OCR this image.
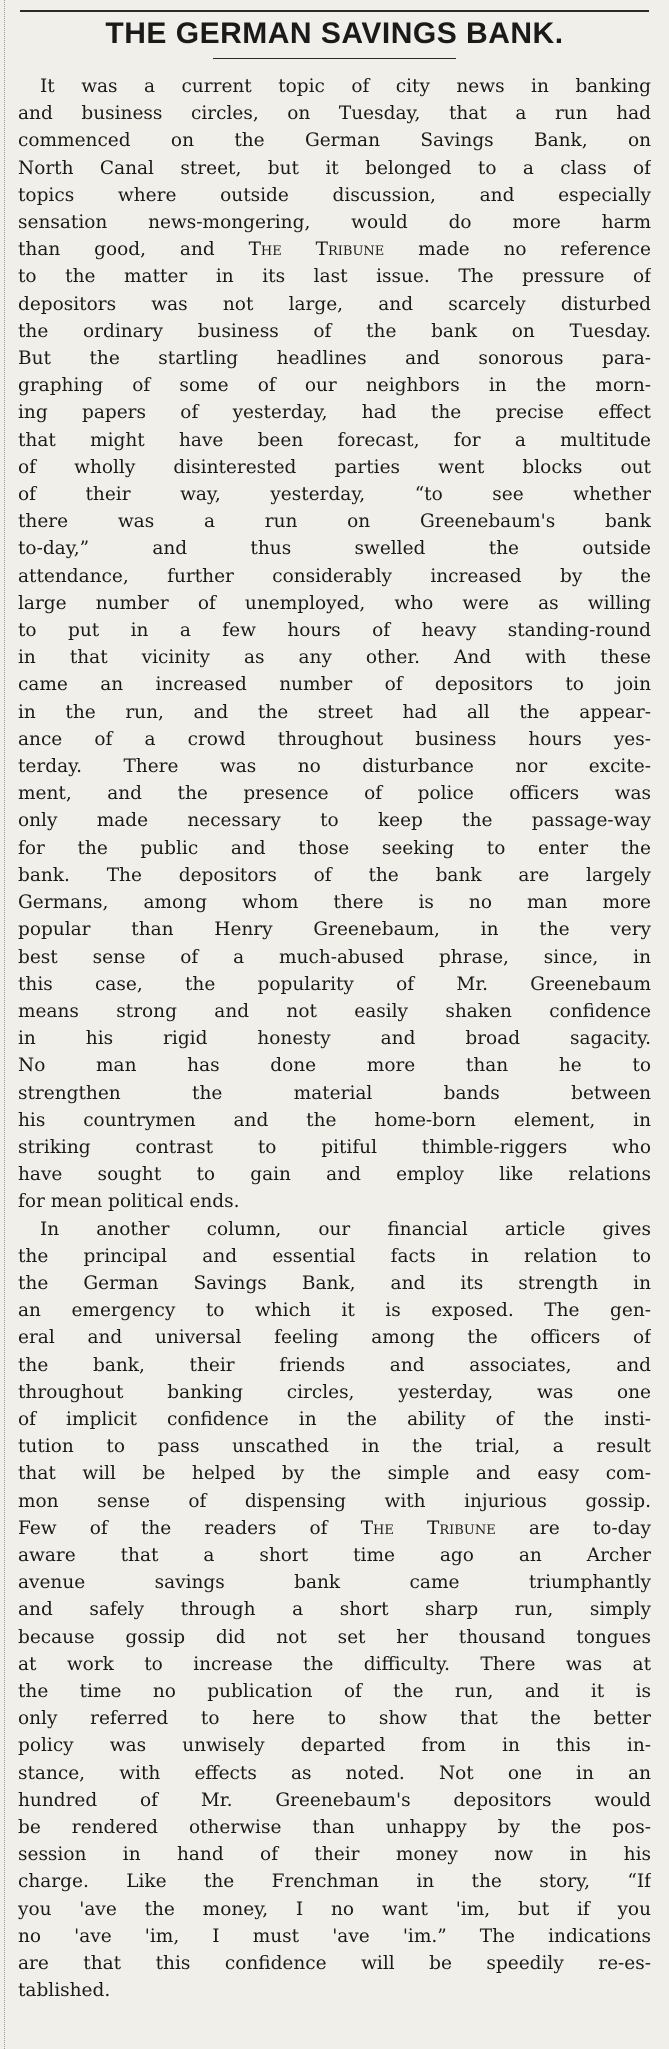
THE GERMAN SAVINGS BANK.
It was a current topic of city news in banking
and business circles, on Tuesday, that a run had
commenced on the German Savings Bank, on
North Canal street, but it belonged to a class of
topics where outside discussion, and especially
sensation news-mongering, would do more harm
than good, and The Tribune made no reference
to the matter in its last issue. The pressure of
depositors was not large, and scarcely disturbed
the ordinary business of the bank on Tuesday.
But the startling headlines and sonorous para-
graphing of some of our neighbors in the morn-
ing papers of yesterday, had the precise effect
that might have been forecast, for a multitude
of wholly disinterested parties went blocks out
of their way, yesterday, “to see whether
there was a run on Greenebaum's bank
to-day,” and thus swelled the outside
attendance, further considerably increased by the
large number of unemployed, who were as willing
to put in a few hours of heavy standing-round
in that vicinity as any other. And with these
came an increased number of depositors to join
in the run, and the street had all the appear-
ance of a crowd throughout business hours yes-
terday. There was no disturbance nor excite-
ment, and the presence of police officers was
only made necessary to keep the passage-way
for the public and those seeking to enter the
bank. The depositors of the bank are largely
Germans, among whom there is no man more
popular than Henry Greenebaum, in the very
best sense of a much-abused phrase, since, in
this case, the popularity of Mr. Greenebaum
means strong and not easily shaken confidence
in his rigid honesty and broad sagacity.
No man has done more than he to
strengthen the material bands between
his countrymen and the home-born element, in
striking contrast to pitiful thimble-riggers who
have sought to gain and employ like relations
for mean political ends.
In another column, our financial article gives
the principal and essential facts in relation to
the German Savings Bank, and its strength in
an emergency to which it is exposed. The gen-
eral and universal feeling among the officers of
the bank, their friends and associates, and
throughout banking circles, yesterday, was one
of implicit confidence in the ability of the insti-
tution to pass unscathed in the trial, a result
that will be helped by the simple and easy com-
mon sense of dispensing with injurious gossip.
Few of the readers of The Tribune are to-day
aware that a short time ago an Archer
avenue savings bank came triumphantly
and safely through a short sharp run, simply
because gossip did not set her thousand tongues
at work to increase the difficulty. There was at
the time no publication of the run, and it is
only referred to here to show that the better
policy was unwisely departed from in this in-
stance, with effects as noted. Not one in an
hundred of Mr. Greenebaum's depositors would
be rendered otherwise than unhappy by the pos-
session in hand of their money now in his
charge. Like the Frenchman in the story, “If
you 'ave the money, I no want 'im, but if you
no 'ave 'im, I must 'ave 'im.” The indications
are that this confidence will be speedily re-es-
tablished.
